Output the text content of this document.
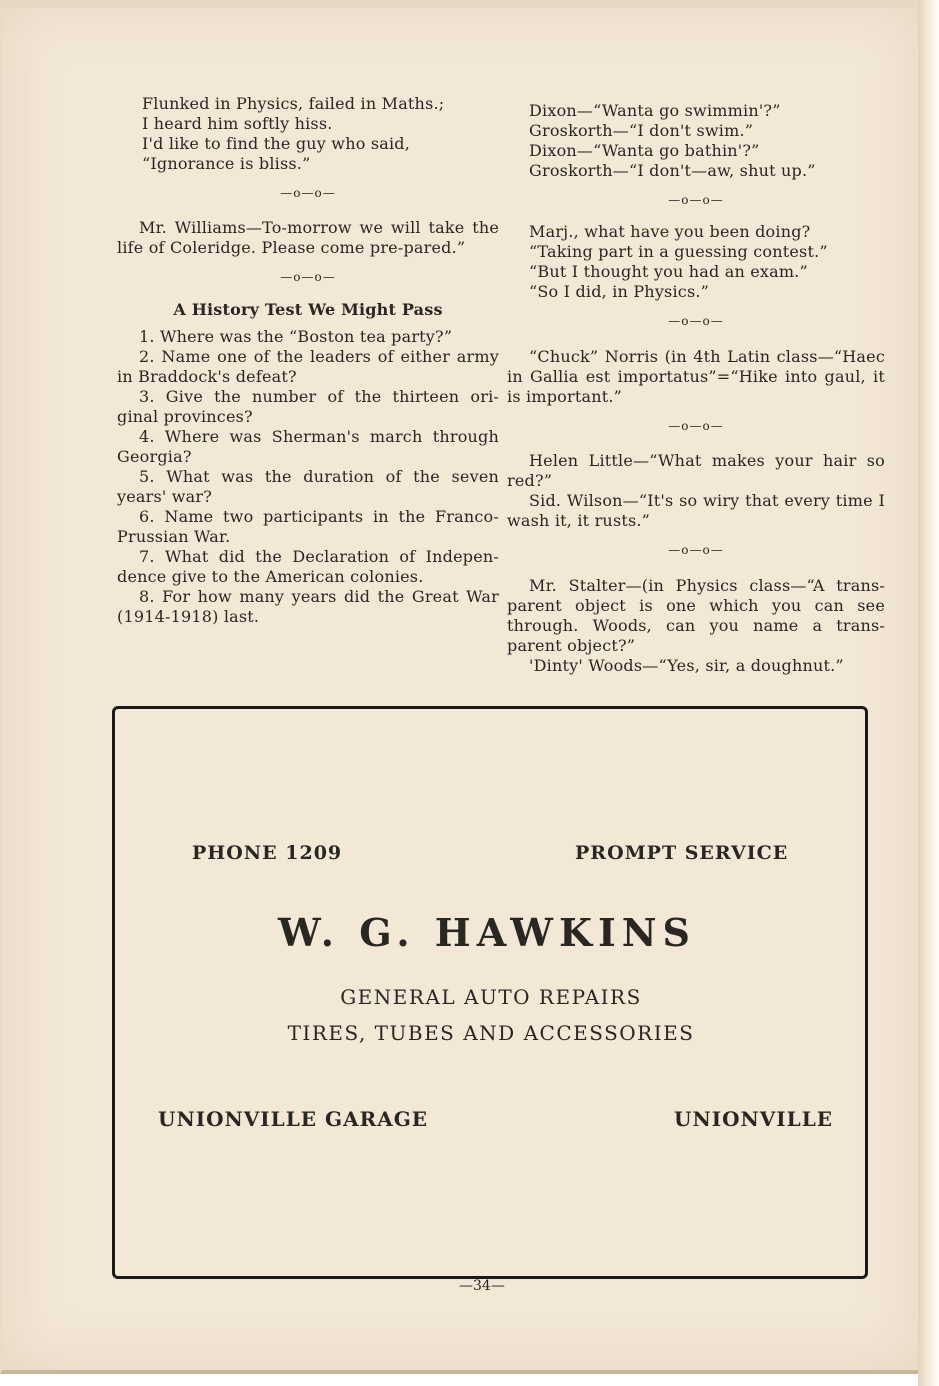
Flunked in Physics, failed in Maths.;

I heard him softly hiss.

I'd like to find the guy who said,

“Ignorance is bliss.”

—o—o—

Mr. Williams—To-morrow we will take the life of Coleridge. Please come pre-pared.”

—o—o—

A History Test We Might Pass

1. Where was the “Boston tea party?”

2. Name one of the leaders of either army in Braddock's defeat?

3. Give the number of the thirteen ori-ginal provinces?

4. Where was Sherman's march through Georgia?

5. What was the duration of the seven years' war?

6. Name two participants in the Franco-Prussian War.

7. What did the Declaration of Indepen-dence give to the American colonies.

8. For how many years did the Great War (1914-1918) last.

Dixon—“Wanta go swimmin'?”

Groskorth—“I don't swim.”

Dixon—“Wanta go bathin'?”

Groskorth—“I don't—aw, shut up.”

—o—o—

Marj., what have you been doing?

“Taking part in a guessing contest.”

“But I thought you had an exam.”

“So I did, in Physics.”

—o—o—

“Chuck” Norris (in 4th Latin class—“Haec in Gallia est importatus”=“Hike into gaul, it is important.”

—o—o—

Helen Little—“What makes your hair so red?”

Sid. Wilson—“It's so wiry that every time I wash it, it rusts.”

—o—o—

Mr. Stalter—(in Physics class—“A trans-parent object is one which you can see through. Woods, can you name a trans-parent object?”

'Dinty' Woods—“Yes, sir, a doughnut.”

PHONE 1209	PROMPT SERVICE
W. G. HAWKINS
GENERAL AUTO REPAIRS
TIRES, TUBES AND ACCESSORIES
UNIONVILLE GARAGE	UNIONVILLE
—34—
